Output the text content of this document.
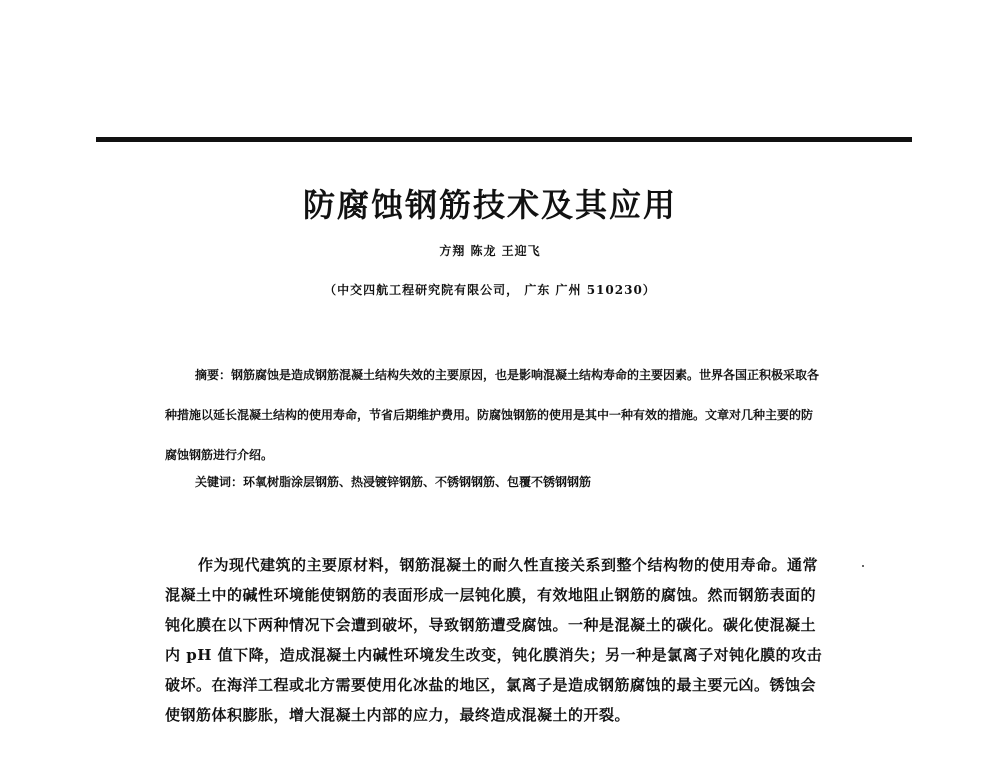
防腐蚀钢筋技术及其应用
方翔 陈龙 王迎飞
（中交四航工程研究院有限公司， 广东 广州 510230）

摘要：钢筋腐蚀是造成钢筋混凝土结构失效的主要原因，也是影响混凝土结构寿命的主要因素。世界各国正积极采取各种措施以延长混凝土结构的使用寿命，节省后期维护费用。防腐蚀钢筋的使用是其中一种有效的措施。文章对几种主要的防腐蚀钢筋进行介绍。

关键词：环氧树脂涂层钢筋、热浸镀锌钢筋、不锈钢钢筋、包覆不锈钢钢筋

作为现代建筑的主要原材料，钢筋混凝土的耐久性直接关系到整个结构物的使用寿命。通常混凝土中的碱性环境能使钢筋的表面形成一层钝化膜，有效地阻止钢筋的腐蚀。然而钢筋表面的钝化膜在以下两种情况下会遭到破坏，导致钢筋遭受腐蚀。一种是混凝土的碳化。碳化使混凝土内 pH 值下降，造成混凝土内碱性环境发生改变，钝化膜消失；另一种是氯离子对钝化膜的攻击破坏。在海洋工程或北方需要使用化冰盐的地区，氯离子是造成钢筋腐蚀的最主要元凶。锈蚀会使钢筋体积膨胀，增大混凝土内部的应力，最终造成混凝土的开裂。
